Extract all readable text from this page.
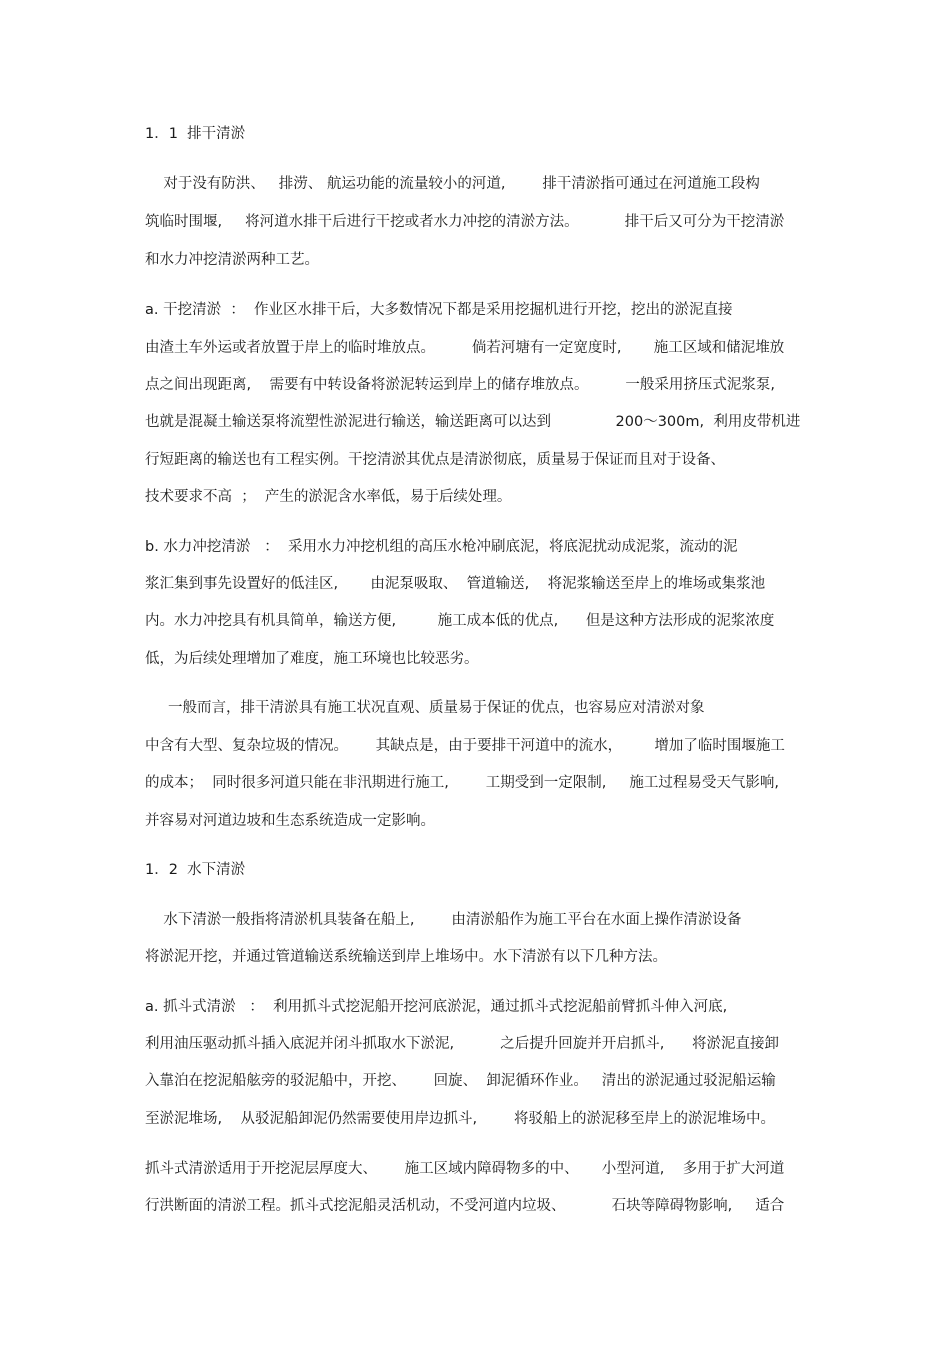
1．1  排干清淤
对于没有防洪、   排涝、 航运功能的流量较小的河道,        排干清淤指可通过在河道施工段构
筑临时围堰,     将河道水排干后进行干挖或者水力冲挖的清淤方法。          排干后又可分为干挖清淤
和水力冲挖清淤两种工艺。
a. 干挖清淤  ：  作业区水排干后，大多数情况下都是采用挖掘机进行开挖，挖出的淤泥直接
由渣土车外运或者放置于岸上的临时堆放点。        倘若河塘有一定宽度时,       施工区域和储泥堆放
点之间出现距离,    需要有中转设备将淤泥转运到岸上的储存堆放点。        一般采用挤压式泥浆泵,
也就是混凝土输送泵将流塑性淤泥进行输送，输送距离可以达到              200～300m,  利用皮带机进
行短距离的输送也有工程实例。干挖清淤其优点是清淤彻底，质量易于保证而且对于设备、
技术要求不高  ；  产生的淤泥含水率低，易于后续处理。
b. 水力冲挖清淤   ：  采用水力冲挖机组的高压水枪冲刷底泥，将底泥扰动成泥浆，流动的泥
浆汇集到事先设置好的低洼区,       由泥泵吸取、  管道输送,    将泥浆输送至岸上的堆场或集浆池
内。水力冲挖具有机具简单，输送方便,         施工成本低的优点,      但是这种方法形成的泥浆浓度
低，为后续处理增加了难度，施工环境也比较恶劣。
一般而言，排干清淤具有施工状况直观、质量易于保证的优点，也容易应对清淤对象
中含有大型、复杂垃圾的情况。      其缺点是，由于要排干河道中的流水，       增加了临时围堰施工
的成本；  同时很多河道只能在非汛期进行施工,        工期受到一定限制,     施工过程易受天气影响,
并容易对河道边坡和生态系统造成一定影响。
1．2  水下清淤
水下清淤一般指将清淤机具装备在船上,        由清淤船作为施工平台在水面上操作清淤设备
将淤泥开挖，并通过管道输送系统输送到岸上堆场中。水下清淤有以下几种方法。
a. 抓斗式清淤   ：  利用抓斗式挖泥船开挖河底淤泥，通过抓斗式挖泥船前臂抓斗伸入河底,
利用油压驱动抓斗插入底泥并闭斗抓取水下淤泥,          之后提升回旋并开启抓斗,      将淤泥直接卸
入靠泊在挖泥船舷旁的驳泥船中，开挖、      回旋、  卸泥循环作业。   清出的淤泥通过驳泥船运输
至淤泥堆场,    从驳泥船卸泥仍然需要使用岸边抓斗,        将驳船上的淤泥移至岸上的淤泥堆场中。
抓斗式清淤适用于开挖泥层厚度大、      施工区域内障碍物多的中、     小型河道,    多用于扩大河道
行洪断面的清淤工程。抓斗式挖泥船灵活机动，不受河道内垃圾、          石块等障碍物影响,     适合
